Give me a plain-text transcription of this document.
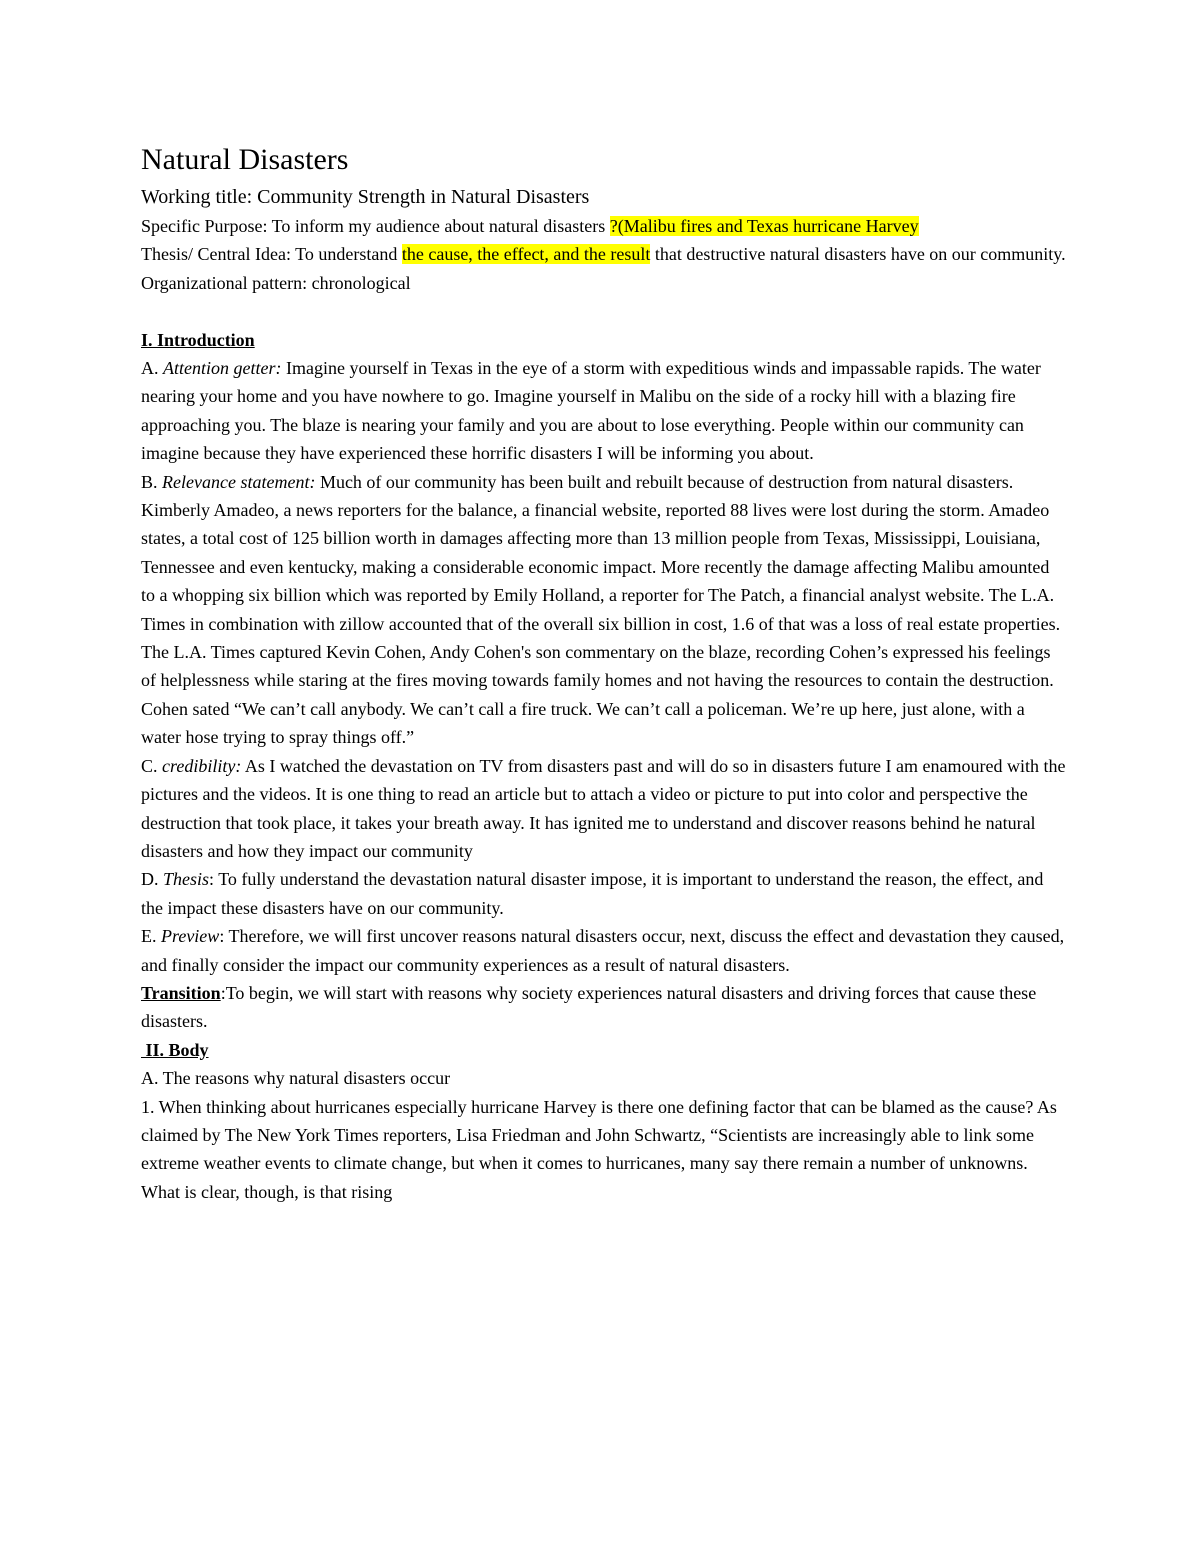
Natural Disasters

Working title: Community Strength in Natural Disasters

Specific Purpose: To inform my audience about natural disasters ?(Malibu fires and Texas hurricane Harvey

Thesis/ Central Idea: To understand the cause, the effect, and the result that destructive natural disasters have on our community.

Organizational pattern: chronological

I. Introduction

A. Attention getter: Imagine yourself in Texas in the eye of a storm with expeditious winds and impassable rapids. The water nearing your home and you have nowhere to go. Imagine yourself in Malibu on the side of a rocky hill with a blazing fire approaching you. The blaze is nearing your family and you are about to lose everything. People within our community can imagine because they have experienced these horrific disasters I will be informing you about.

B. Relevance statement: Much of our community has been built and rebuilt because of destruction from natural disasters. Kimberly Amadeo, a news reporters for the balance, a financial website, reported 88 lives were lost during the storm. Amadeo states, a total cost of 125 billion worth in damages affecting more than 13 million people from Texas, Mississippi, Louisiana, Tennessee and even kentucky, making a considerable economic impact. More recently the damage affecting Malibu amounted to a whopping six billion which was reported by Emily Holland, a reporter for The Patch, a financial analyst website. The L.A. Times in combination with zillow accounted that of the overall six billion in cost, 1.6 of that was a loss of real estate properties. The L.A. Times captured Kevin Cohen, Andy Cohen's son commentary on the blaze, recording Cohen’s expressed his feelings of helplessness while staring at the fires moving towards family homes and not having the resources to contain the destruction. Cohen sated “We can’t call anybody. We can’t call a fire truck. We can’t call a policeman. We’re up here, just alone, with a water hose trying to spray things off.”

C. credibility: As I watched the devastation on TV from disasters past and will do so in disasters future I am enamoured with the pictures and the videos. It is one thing to read an article but to attach a video or picture to put into color and perspective the destruction that took place, it takes your breath away. It has ignited me to understand and discover reasons behind he natural disasters and how they impact our community

D. Thesis: To fully understand the devastation natural disaster impose, it is important to understand the reason, the effect, and the impact these disasters have on our community.

E. Preview: Therefore, we will first uncover reasons natural disasters occur, next, discuss the effect and devastation they caused, and finally consider the impact our community experiences as a result of natural disasters.

Transition:To begin, we will start with reasons why society experiences natural disasters and driving forces that cause these disasters.

II. Body

A. The reasons why natural disasters occur

1. When thinking about hurricanes especially hurricane Harvey is there one defining factor that can be blamed as the cause? As claimed by The New York Times reporters, Lisa Friedman and John Schwartz, “Scientists are increasingly able to link some extreme weather events to climate change, but when it comes to hurricanes, many say there remain a number of unknowns. What is clear, though, is that rising
